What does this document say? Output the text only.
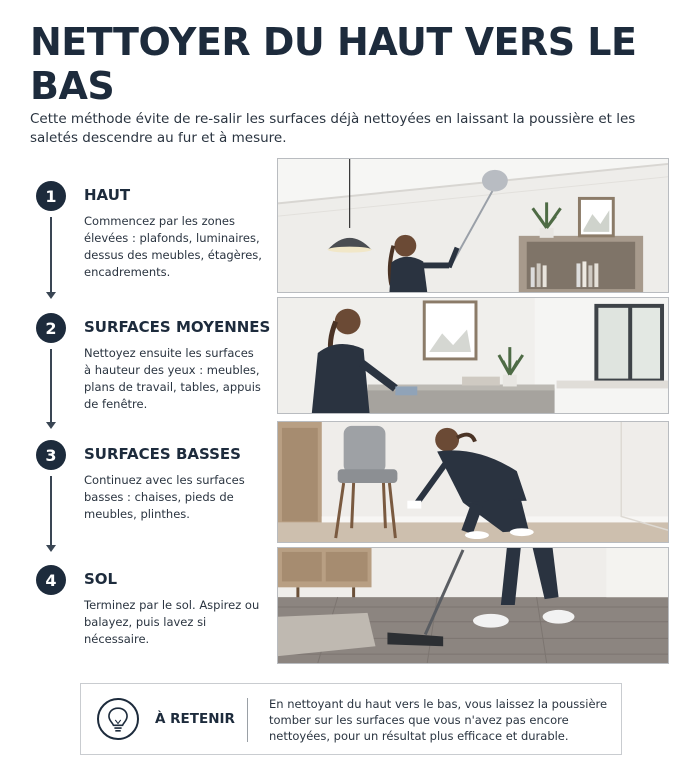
NETTOYER DU HAUT VERS LE BAS

Cette méthode évite de re-salir les surfaces déjà nettoyées en laissant la poussière et les saletés descendre au fur et à mesure.

1	HAUT
Commencez par les zones élevées : plafonds, luminaires, dessus des meubles, étagères, encadrements.
2	SURFACES MOYENNES
Nettoyez ensuite les surfaces à hauteur des yeux : meubles, plans de travail, tables, appuis de fenêtre.
3	SURFACES BASSES
Continuez avec les surfaces basses : chaises, pieds de meubles, plinthes.
4	SOL
Terminez par le sol. Aspirez ou balayez, puis lavez si nécessaire.
À RETENIR
En nettoyant du haut vers le bas, vous laissez la poussière tomber sur les surfaces que vous n'avez pas encore nettoyées, pour un résultat plus efficace et durable.
